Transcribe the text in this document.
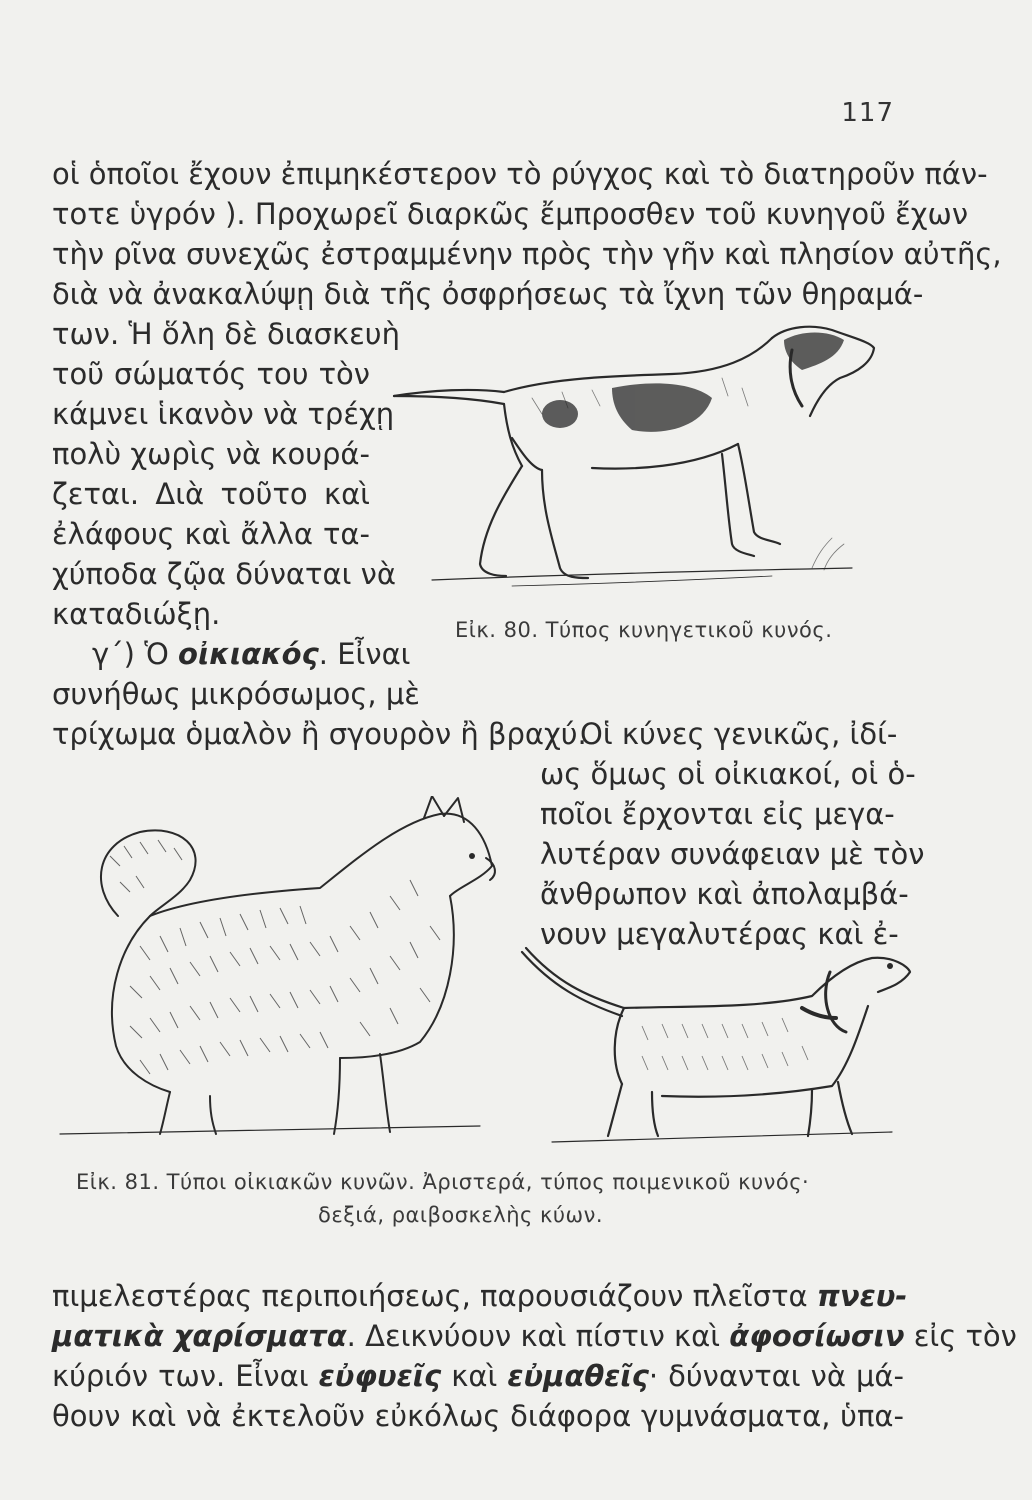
117
οἱ ὁποῖοι ἔχουν ἐπιμηκέστερον τὸ ρύγχος καὶ τὸ διατηροῦν πάν-
τοτε ὑγρόν ). Προχωρεῖ διαρκῶς ἔμπροσθεν τοῦ κυνηγοῦ ἔχων
τὴν ρῖνα συνεχῶς ἐστραμμένην πρὸς τὴν γῆν καὶ πλησίον αὐτῆς,
διὰ νὰ ἀνακαλύψῃ διὰ τῆς ὀσφρήσεως τὰ ἴχνη τῶν θηραμά-
των. Ἡ ὅλη δὲ διασκευὴ
τοῦ σώματός του τὸν
κάμνει ἱκανὸν νὰ τρέχῃ
πολὺ χωρὶς νὰ κουρά-
ζεται. Διὰ τοῦτο καὶ
ἐλάφους καὶ ἄλλα τα-
χύποδα ζῷα δύναται νὰ
καταδιώξῃ.
γ΄) Ὁ οἰκιακός. Εἶναι
συνήθως μικρόσωμος, μὲ
τρίχωμα ὁμαλὸν ἢ σγουρὸν ἢ βραχύ.
Εἰκ. 80. Τύπος κυνηγετικοῦ κυνός.
Οἱ κύνες γενικῶς, ἰδί-
ως ὅμως οἱ οἰκιακοί, οἱ ὁ-
ποῖοι ἔρχονται εἰς μεγα-
λυτέραν συνάφειαν μὲ τὸν
ἄνθρωπον καὶ ἀπολαμβά-
νουν μεγαλυτέρας καὶ ἐ-
Εἰκ. 81. Τύποι οἰκιακῶν κυνῶν. Ἀριστερά, τύπος ποιμενικοῦ κυνός·
δεξιά, ραιβοσκελὴς κύων.
πιμελεστέρας περιποιήσεως, παρουσιάζουν πλεῖστα πνευ-
ματικὰ χαρίσματα. Δεικνύουν καὶ πίστιν καὶ ἀφοσίωσιν εἰς τὸν
κύριόν των. Εἶναι εὐφυεῖς καὶ εὐμαθεῖς· δύνανται νὰ μά-
θουν καὶ νὰ ἐκτελοῦν εὐκόλως διάφορα γυμνάσματα, ὑπα-
